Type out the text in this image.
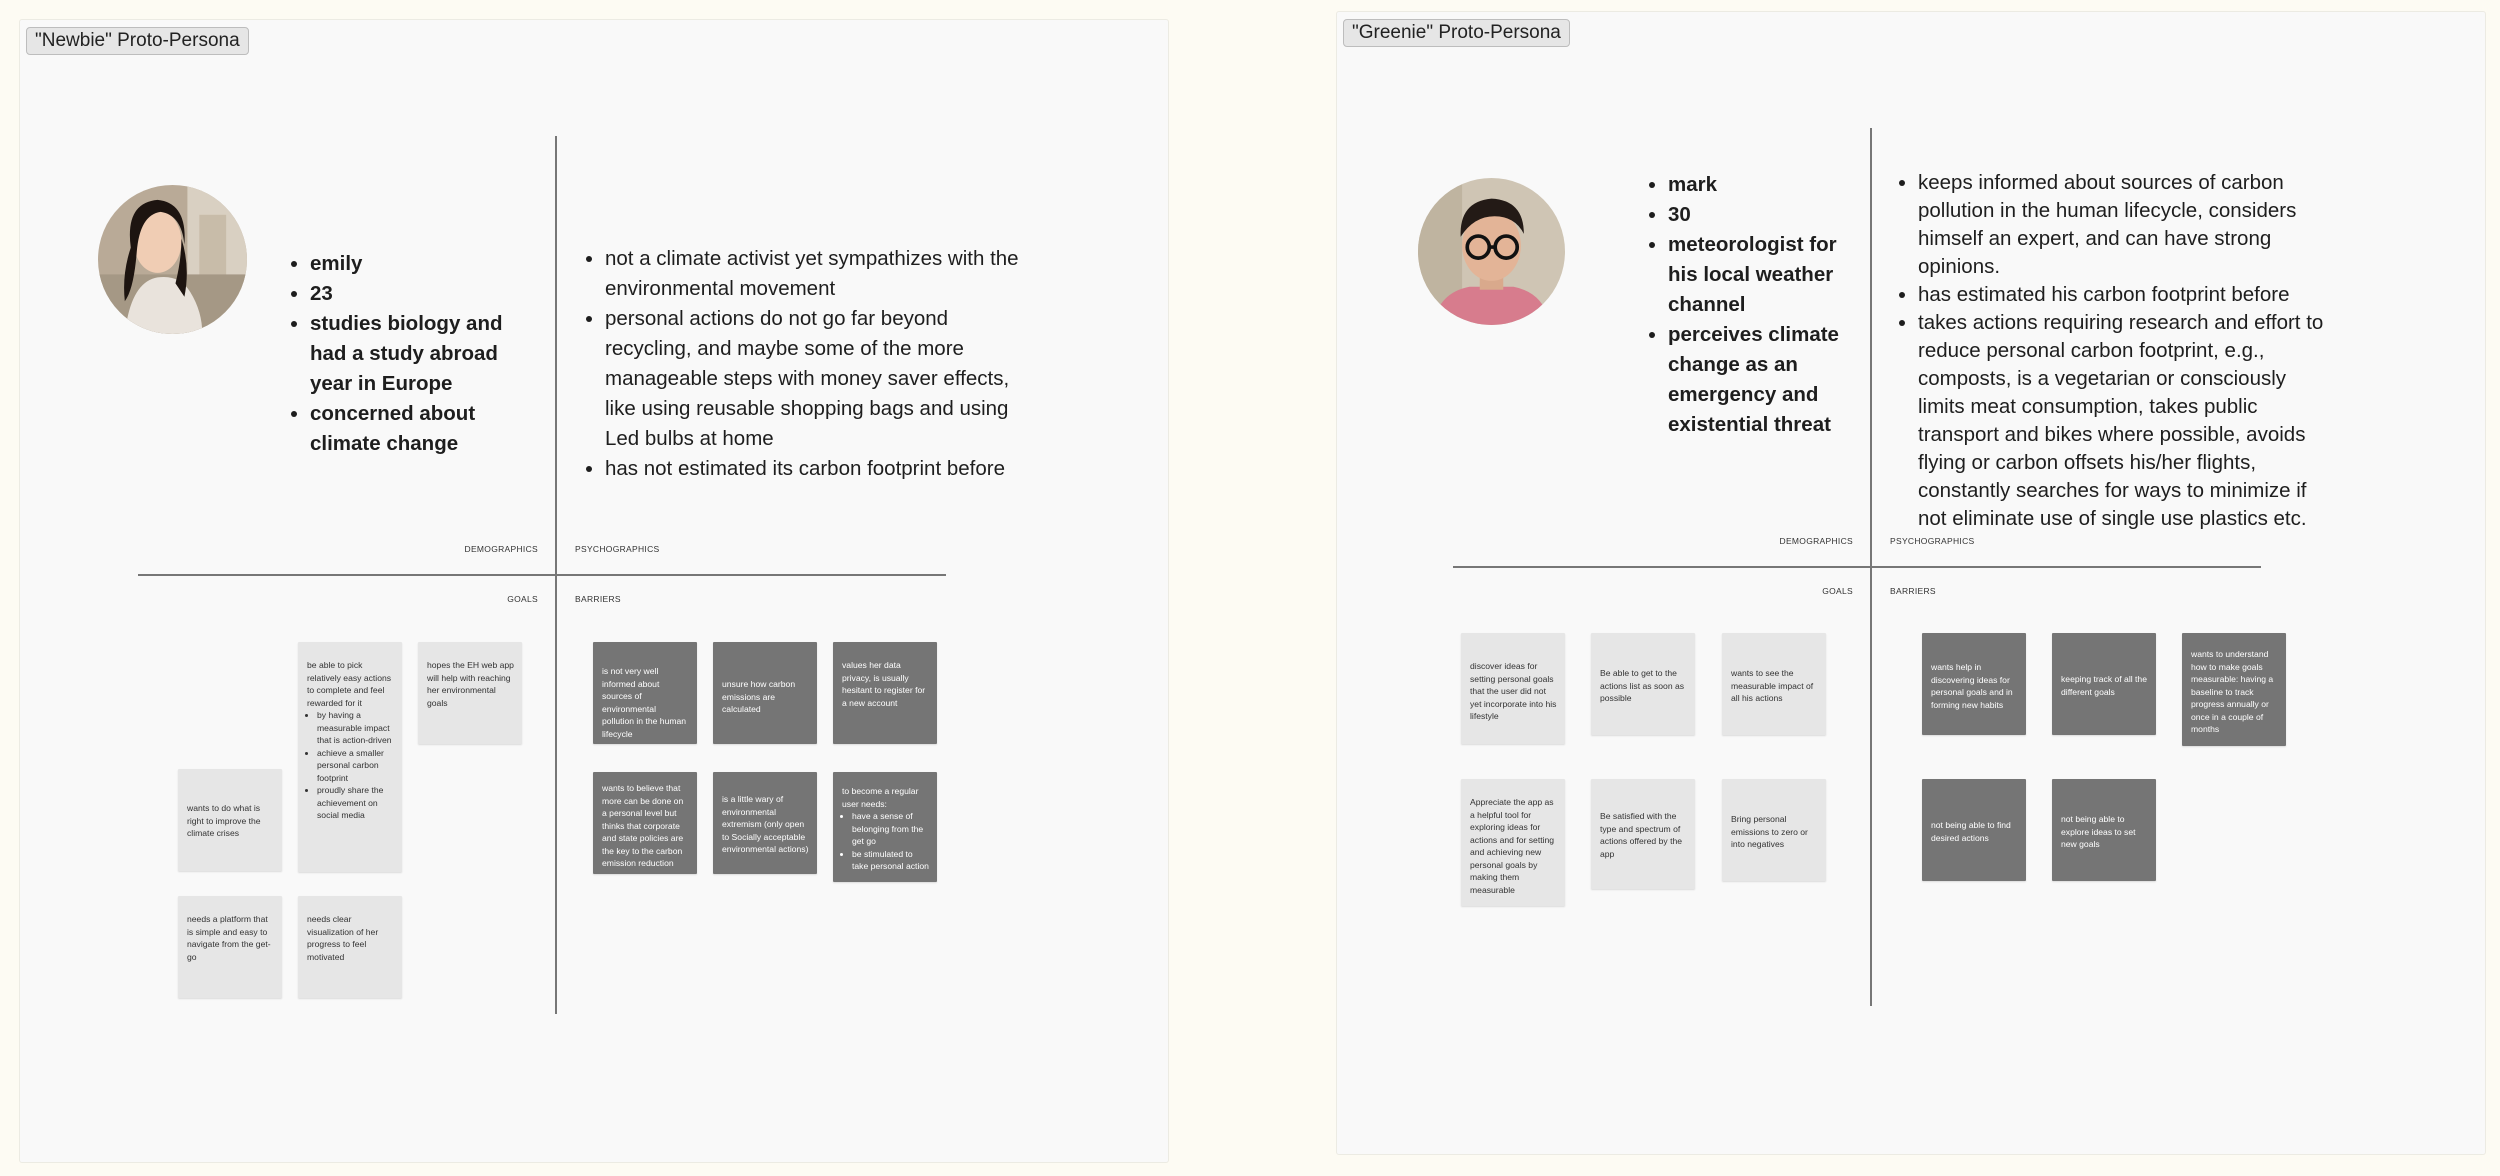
"Newbie" Proto-Persona
• emily
• 23
• studies biology and had a study abroad year in Europe
• concerned about climate change
• not a climate activist yet sympathizes with the environmental movement
• personal actions do not go far beyond recycling, and maybe some of the more manageable steps with money saver effects, like using reusable shopping bags and using Led bulbs at home
• has not estimated its carbon footprint before
DEMOGRAPHICS	PSYCHOGRAPHICS
GOALS	BARRIERS
be able to pick relatively easy actions to complete and feel rewarded for it
• by having a measurable impact that is action-driven
• achieve a smaller personal carbon footprint
• proudly share the achievement on social media
hopes the EH web app will help with reaching her environmental goals
wants to do what is right to improve the climate crises
needs a platform that is simple and easy to navigate from the get-go
needs clear visualization of her progress to feel motivated
is not very well informed about sources of environmental pollution in the human lifecycle
unsure how carbon emissions are calculated
values her data privacy, is usually hesitant to register for a new account
wants to believe that more can be done on a personal level but thinks that corporate and state policies are the key to the carbon emission reduction
is a little wary of environmental extremism (only open to Socially acceptable environmental actions)
to become a regular user needs:
• have a sense of belonging from the get go
• be stimulated to take personal action
"Greenie" Proto-Persona
• mark
• 30
• meteorologist for his local weather channel
• perceives climate change as an emergency and existential threat
• keeps informed about sources of carbon pollution in the human lifecycle, considers himself an expert, and can have strong opinions.
• has estimated his carbon footprint before
• takes actions requiring research and effort to reduce personal carbon footprint, e.g., composts, is a vegetarian or consciously limits meat consumption, takes public transport and bikes where possible, avoids flying or carbon offsets his/her flights, constantly searches for ways to minimize if not eliminate use of single use plastics etc.
DEMOGRAPHICS	PSYCHOGRAPHICS
GOALS	BARRIERS
discover ideas for setting personal goals that the user did not yet incorporate into his lifestyle
Be able to get to the actions list as soon as possible
wants to see the measurable impact of all his actions
Appreciate the app as a helpful tool for exploring ideas for actions and for setting and achieving new personal goals by making them measurable
Be satisfied with the type and spectrum of actions offered by the app
Bring personal emissions to zero or into negatives
wants help in discovering ideas for personal goals and in forming new habits
keeping track of all the different goals
wants to understand how to make goals measurable: having a baseline to track progress annually or once in a couple of months
not being able to find desired actions
not being able to explore ideas to set new goals
